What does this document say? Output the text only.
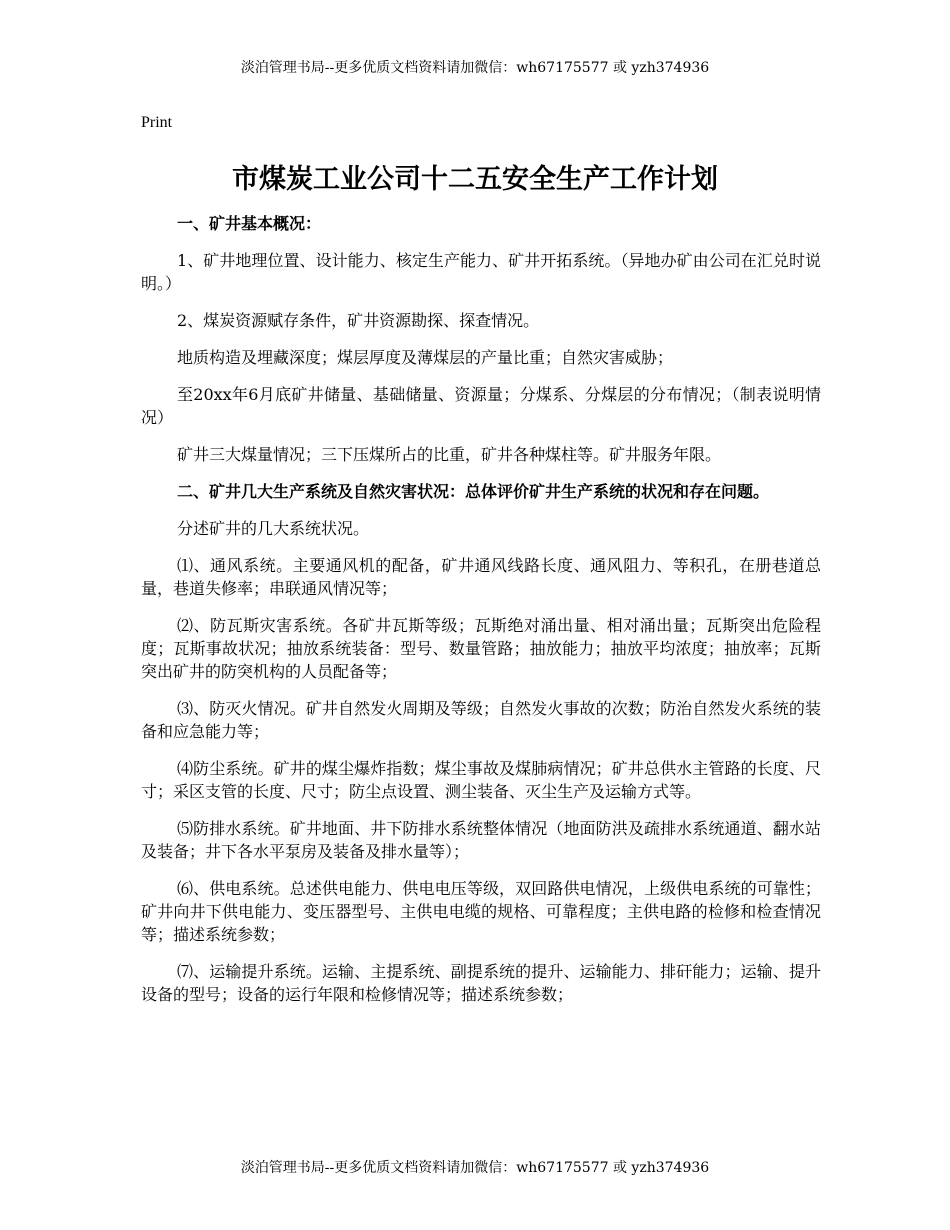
淡泊管理书局--更多优质文档资料请加微信：wh67175577 或 yzh374936
Print
市煤炭工业公司十二五安全生产工作计划

一、矿井基本概况：

1、矿井地理位置、设计能力、核定生产能力、矿井开拓系统。（异地办矿由公司在汇兑时说明。）

2、煤炭资源赋存条件，矿井资源勘探、探查情况。

地质构造及埋藏深度；煤层厚度及薄煤层的产量比重；自然灾害威胁；

至20xx年6月底矿井储量、基础储量、资源量；分煤系、分煤层的分布情况；（制表说明情况）

矿井三大煤量情况；三下压煤所占的比重，矿井各种煤柱等。矿井服务年限。

二、矿井几大生产系统及自然灾害状况：总体评价矿井生产系统的状况和存在问题。

分述矿井的几大系统状况。

⑴、通风系统。主要通风机的配备，矿井通风线路长度、通风阻力、等积孔，在册巷道总量，巷道失修率；串联通风情况等；

⑵、防瓦斯灾害系统。各矿井瓦斯等级；瓦斯绝对涌出量、相对涌出量；瓦斯突出危险程度；瓦斯事故状况；抽放系统装备：型号、数量管路；抽放能力；抽放平均浓度；抽放率；瓦斯突出矿井的防突机构的人员配备等；

⑶、防灭火情况。矿井自然发火周期及等级；自然发火事故的次数；防治自然发火系统的装备和应急能力等；

⑷防尘系统。矿井的煤尘爆炸指数；煤尘事故及煤肺病情况；矿井总供水主管路的长度、尺寸；采区支管的长度、尺寸；防尘点设置、测尘装备、灭尘生产及运输方式等。

⑸防排水系统。矿井地面、井下防排水系统整体情况（地面防洪及疏排水系统通道、翻水站及装备；井下各水平泵房及装备及排水量等）；

⑹、供电系统。总述供电能力、供电电压等级，双回路供电情况，上级供电系统的可靠性；矿井向井下供电能力、变压器型号、主供电电缆的规格、可靠程度；主供电路的检修和检查情况等；描述系统参数；

⑺、运输提升系统。运输、主提系统、副提系统的提升、运输能力、排矸能力；运输、提升设备的型号；设备的运行年限和检修情况等；描述系统参数；

淡泊管理书局--更多优质文档资料请加微信：wh67175577 或 yzh374936
